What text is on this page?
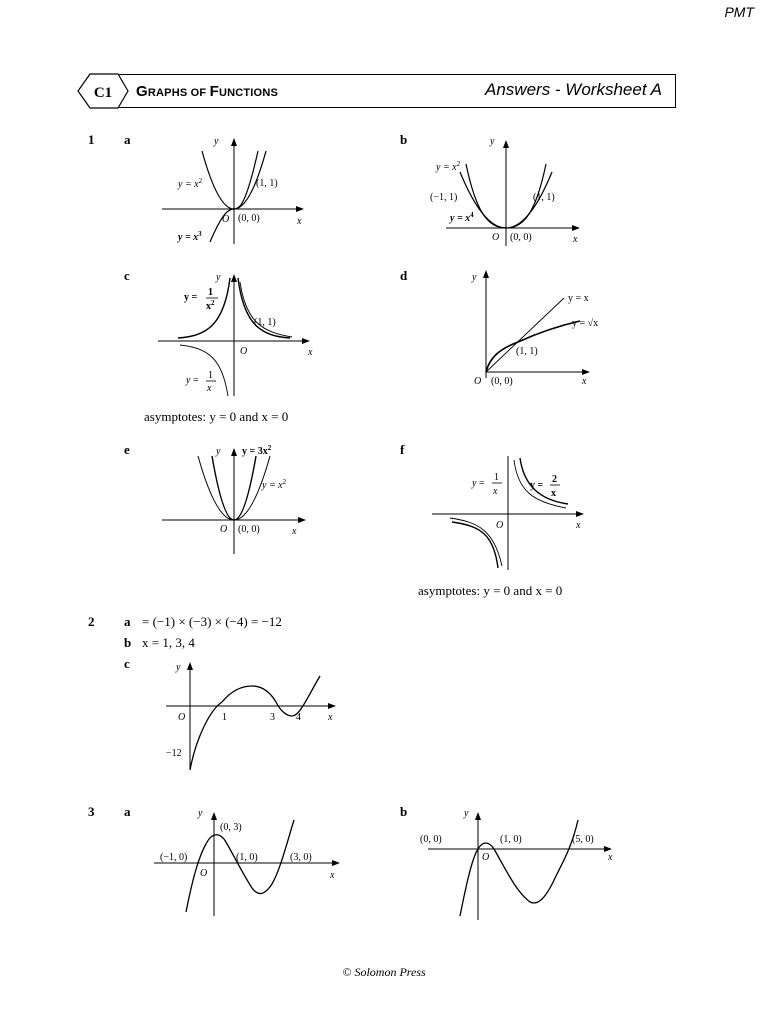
PMT
C1 GRAPHS OF FUNCTIONS	Answers - Worksheet A
1 a	b
c	d
e	f
y
x
O
$y = x^2$
$y = x^3$
(1, 1)
(0, 0)
y
x
O
$y = x^2$
(−1, 1)
$y = x^4$
(1, 1)
(0, 0)
y
x
O
y = 1
$x^2$
(1, 1)
y = 1
x
asymptotes: y = 0 and x = 0
y
x
O
y = x
y = √x
(1, 1)
(0, 0)
y
x
O
$y = 3x^2$
$y = x^2$
(0, 0)	x
O
y =
1
x
y =
2
x
asymptotes: y = 0 and x = 0
2 a = (−1) × (−3) × (−4) = −12
b x = 1, 3, 4
c	y
x
O	1	3 4
−12
3 a	b
y
x
O
(0, 3)
(−1, 0)	(1, 0)	(3, 0)
y
x
O
(0, 0)	(1, 0)	(5, 0)
© Solomon Press
